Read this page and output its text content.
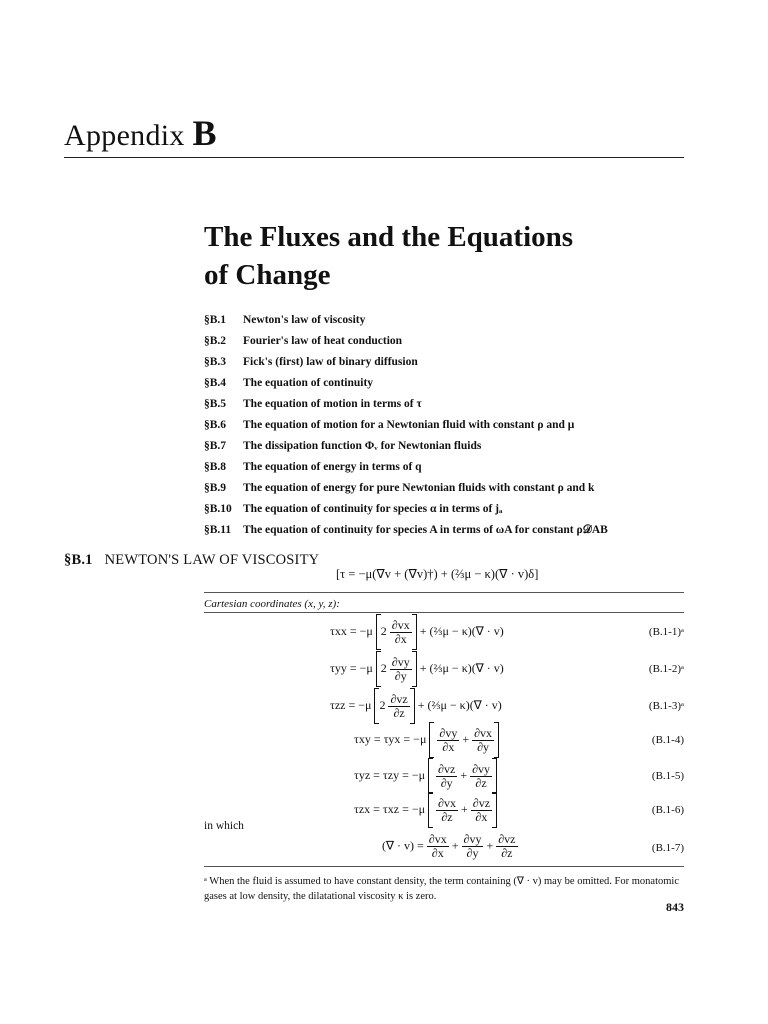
Appendix B
The Fluxes and the Equations
of Change
§B.1 Newton's law of viscosity
§B.2 Fourier's law of heat conduction
§B.3 Fick's (first) law of binary diffusion
§B.4 The equation of continuity
§B.5 The equation of motion in terms of τ
§B.6 The equation of motion for a Newtonian fluid with constant ρ and μ
§B.7 The dissipation function Φᵥ for Newtonian fluids
§B.8 The equation of energy in terms of q
§B.9 The equation of energy for pure Newtonian fluids with constant ρ and k
§B.10 The equation of continuity for species α in terms of jₐ
§B.11 The equation of continuity for species A in terms of ωA for constant ρ𝒟AB
§B.1 NEWTON'S LAW OF VISCOSITY
[τ = −μ(∇v + (∇v)†) + (⅔μ − κ)(∇ · v)δ]
Cartesian coordinates (x, y, z):
τxx = −μ $2 \frac{\partial vx}{\partial x}$ + (⅔μ − κ)(∇ · v)	(B.1-1)ᵃ
τyy = −μ $2 \frac{\partial vy}{\partial y}$ + (⅔μ − κ)(∇ · v)	(B.1-2)ᵃ
τzz = −μ $2 \frac{\partial vz}{\partial z}$ + (⅔μ − κ)(∇ · v)	(B.1-3)ᵃ
$\tau xy = \tau yx = -\mu \frac{\partial vy}{\partial x} + \frac{\partial vx}{\partial y}$	(B.1-4)
$\tau yz = \tau zy = -\mu \frac{\partial vz}{\partial y} + \frac{\partial vy}{\partial z}$	(B.1-5)
$\tau zx = \tau xz = -\mu \frac{\partial vx}{\partial z} + \frac{\partial vz}{\partial x}$	(B.1-6)
in which
(∇ · $v) = \frac{\partial vx}{\partial x} + \frac{\partial vy}{\partial y} + \frac{\partial vz}{\partial z}$	(B.1-7)
ᵃ When the fluid is assumed to have constant density, the term containing (∇ · v) may be omitted. For monatomic gases at low density, the dilatational viscosity κ is zero.
843
